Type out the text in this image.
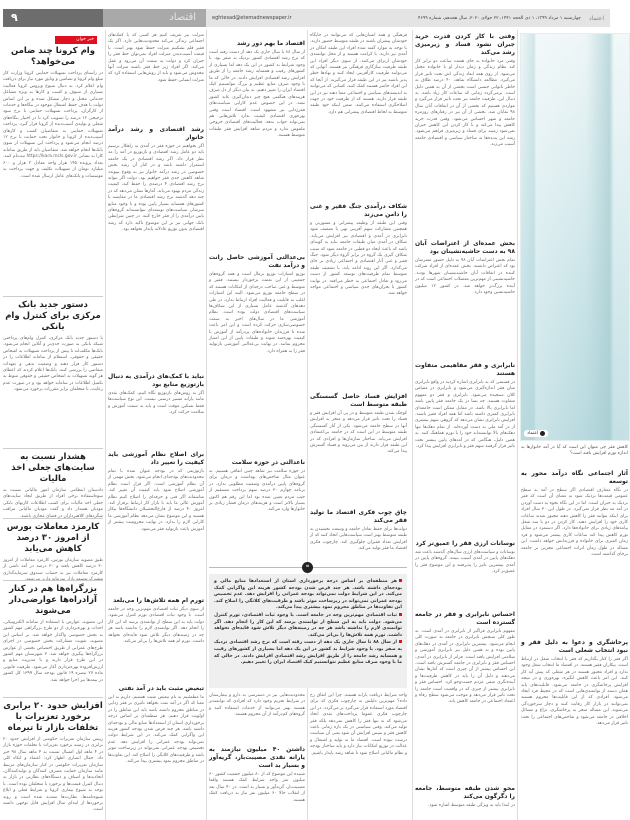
۹	اقتصاد	eghtesad@etemadnewspaper.ir	چهارشنبه ۱ مرداد ۱۳۹۹، ۱ ذی الحجه ۱۴۴۱، ۲۲ جولای ۲۰۲۰، سال هجدهم، شماره ۴۶۹۹ اعتماد
خبر خوان
وام کرونا چند ضامن می‌خواهد؟

در راستای پرداخت تسهیلات حمایتی کرونا وزارت کار مبلغ وام کرونا و تضامین و وثایق مورد نیاز برای دریافت وام اعلام کرد. به دنبال شیوع ویروس کرونا فعالیت بسیاری از صنوف و کسب و کارها به ویژه مشاغل خدماتی مختل و دچار مشکل شده و بر این اساس دولت با هدف حفظ اشتغال موجود در بنگاه‌ها و خدمات از کارگران، پرداخت تسهیلات حمایتی با نرخ سود ترجیحی ۱۲ درصد را تصویب کرد تا در اختیار بنگاه‌های شغلی و تولیدی آسیب‌دیده از کرونا قرار گیرد. پرداخت تسهیلات حمایتی به متقاضیان کسب و کارهای آسیب‌دیده از کرونا و خانوار تحت حمایت با نرخ ۱۲ درصد انجام می‌شود و پرداخت این تسهیلات از سوی بانک‌ها انجام خواهد شد. متقاضیان باید از طریق سامانه کارا به نشانی https://kara.mcls.gov.ir ثبت‌نام کنند. تعداد پرونده ۱۴۵ هزار واحد معادل ۲ هزار و ۶۰۰ میلیارد تومان از تسهیلات تکلیف و جهت پرداخت به موسسات و بانک‌های عامل ارسال شده است.

دستور جدید بانک مرکزی برای کنترل وام بانکی

با دستور جدید بانک مرکزی، کنترل وام‌های پرداختی شبکه بانکی به صورت جدی‌تر و آنلاین انجام می‌شود. بانک‌ها مکلف‌اند تا پیش از پرداخت تسهیلات به اشخاص حقیقی و حقوقی، استعلام از سامانه اطلاعات را در دستور کار قرار دهند و وضعیت بدهی و تعهدات متقاضی را بررسی کنند. بانک‌ها اعلام کردند که اعطای هر گونه تسهیلات به اشخاص حقیقی و حقوقی منوط به تکمیل اطلاعات در سامانه خواهد بود و در صورت عدم رعایت، با متخلفان برابر مقررات برخورد می‌شود.

هشدار نسبت به سایت‌های جعلی اخذ مالیات

دادستان انتظامی سازمان امور مالیاتی نسبت به سوءاستفاده برخی افراد از طریق ایجاد سایت‌های جعلی اخذ مالیات برای کسب اطلاعات کارتهای بانکی مودیان هشدار داد و گفت مودیان مالیاتی مراقب شگردهای کلاهبرداران در فضای مجازی باشند.

کارمزد معاملات بورس از امروز ۳۰ درصد کاهش می‌یابد

طبق مصوبه سازمان بورس، کارمزد معاملات از امروز ۳۰ درصد کاهش یافته و ۳۰ درصد در آمد ناشی از کارمزد معاملات نیز به حساب صندوق سرمایه‌گذاری مشترک توسعه بازار سرمایه واریز می‌شود.

بزرگراه‌ها هم در کنار آزادراه‌ها عوارضی‌دار می‌شوند

این مصوبه، عوارض با استفاده از سامانه الکترونیکی، احداث و بهره‌برداری از دو طرح بزرگراهی مهم کشور به بخش خصوصی واگذار خواهد شد. بر اساس این مصوبه، تقویت مشارکت بخش خصوصی در اجرای طرح‌های عمرانی از طریق اختصاص بخشی از عوارض بزرگراه‌ها پیگیری خواهد شد. ۳ شهرستان مهم کشور در این طرح قرار دارند و با مدیریت منابع و ارزش‌افزوده بهره‌برداری آغاز می‌شود. طرفیت قانونی ماده ۲۷ تبصره ۱۹ قانون بودجه سال ۱۳۹۹ کل کشور در بیمه‌ها نیز اجرا خواهد شد.

افزایش حدود ۲۰ برابری برخورد تعزیرات با تخلفات بازار تا تیرماه

رییس سازمان تعزیرات حکومتی از افزایش حدود ۲۰ برابری در زمینه برخورد تعزیرات با تخلفات حوزه بازار در ۴ ماهه اول امسال نسبت به ۴ ماهه سال ۹۸ خبر داد. جمال انصاری اظهار کرد: اعتماد و اتکاء کلی سازمان تعزیرات حکومتی در کنار سازمان‌های مرتبط مانند سازمان حمایت مصرف کنندگان و تولیدکنندگان، اتحادیه‌ها و اصناف و دستگاه‌های نظارتی در بازار به دنبال کنترل قیمت‌ها و برخورد با متخلفان بوده است. با توجه به شیوع بیماری کرونا و شرایط فعلی و ابلاغ شیوه‌نامه‌ها، نظارت‌ها تشدید شده است و روند برخوردها از ابتدای سال افزایش قابل توجهی داشته است.

منزلت نیز تعریف کنیم هر کسی که با کمک‌های اجتماعی زندگی می‌کند محدودیت‌هایی دارد. اگر یک فقیر قلم بشکنیم منزلت حفظ شود بهتر است. با قیمت آسیب‌دیدن منزلت افراد نمی‌توان خط فقر را جبران کرد و دولت به سمت آن می‌رود و عمل می‌کند. اگر افراد زیر خط فقر باشند منزلت آنها مخدوش می‌شود و باید از روش‌هایی استفاده کرد که منزلت انسانی حفظ شود.

رشد اقتصادی و رشد درآمد خانوار

اگر بخواهیم در حوزه فقر در آمدی به راهکار برسیم باید دو عامل رشد اقتصادی و بازتوزیع در آمد را مد نظر قرار داد. اگر رشد اقتصادی در یک جامعه استمرار داشته باشد و در کنار آن رشد بخش خصوصی در رشد درآمد خانوار نیز به وقوع بپیوندد شاهد کاهش جدی فقر خواهیم بود. دولت اگر بتواند نرخ رشد اقتصادی ۴ درصدی را حفظ کند، کیفیت زندگی مردم بهبود می‌یابد. آمارها نشان می‌دهد که در چند دهه گذشته نرخ رشد اقتصادی ما در مقایسه با کشورهای همسایه بسیار پایین بوده و با وجود منابع سرشار، سیاست‌های توسعه‌ای نتوانسته‌اند گروه‌های پایین درآمدی را از فقر خارج کنند. در چنین شرایطی بانک جهانی نیز بر این موضوع تاکید دارد که رشد اقتصادی بدون توزیع عادلانه پایدار نخواهد بود.

نباید با کمک‌های درآمدی به دنبال بازتوزیع منابع بود

اگر به روش‌های بازتوزیع نگاه کنیم، کمک‌های نقدی مانند یارانه مسیر درستی نیست. این نوع سیاست‌ها فقط تسکین موقت است و باید به سمت آموزش و سلامت حرکت کرد.

برای اصلاح نظام آموزشی باید کیفیت را تغییر داد

بازتوزیعی که در بودجه عنوان شده با تمام محدودیت‌های بودجه‌ای انجام می‌شود. بخش مهمی از آن نظام آموزشی است. اگر قرار است نظام آموزشی اصلاح شود باید کیفیت آن تغییر کند. متاسفانه اگر فنی و حرفه‌ای را اصلاح کنیم نظام آموزش عالی ما باید با بازار کار ارتباط برقرار کند. امروز ۴۰ درصد از فارغ‌التحصیلان دانشگاه‌ها بیکار هستند و این موضوع نشان می‌دهد نظام آموزشی ما کارایی لازم را ندارد. در نهایت محرومیت بیشتر از آموزش باعث بازتولید فقر می‌شود.

تورم ام همه تلاش‌ها را می‌بلعد

از سوی دیگر ثبات اقتصادی مهم‌ترین وجه در جامعه است. با وجود ثبات اقتصادی تورم کنترل می‌شود. دولت باید به این سطح از توانمندی برسد که این کار را انجام دهد. اگر توانمندی لازم را نداشته باشد هر چه در زمینه‌های دیگر تلاش شود فایده‌ای نخواهد داشت. تورم ام همه تلاش‌ها را بی‌اثر می‌کند.

تبعیض مثبت باید در آمد نفتی

ما مطمئنیم به نام تبعیض مثبت هستیم. داریم به این معنا که اگر در آمد نفت بخواهد تاثیری بر فقر زدایی در مناطق محروم داشته باشد باید این مناطق را در اولویت قرار دهیم. هر منطقه‌ای بر اساس درجه برخورداری استان از استعدادها منابع مالی و بودجه‌ای داشته باشد. هر چند فرض شدن بودجه کشور هزینه این واگرایی کمک می‌کند. در این شرایط دولت نمی‌تواند بودجه عمرانی را افزایش دهد. عدم تخصیص بودجه عمرانی نمی‌تواند در زیرساخت موثر باشد و ظرفیت‌های کلانگی را اصلاح کند. این تفاوت‌ها در مناطق محروم نمود بیشتری پیدا می‌کند.

اقتصاد ما بهم دور رشد

از سال ۸۸ تا سال جاری یک دهه از دست رفته است که نرخ رشد اقتصادی کشور نزدیک به صفر بود. با وجود شرایط بد کشور در این یک دهه اما بسیاری از کشورهای رقیب و همسایه رشد جامعه را از طریق افزایش رشد اقتصادی افزایش دادند. در حالی که ما با وجود صرف منابع عظیم و بزرگ نتوانستیم کیک اقتصاد ایران را تغییر دهیم. به بیان دیگر از دل صرف هزینه‌های هنگفتی هیچ چیز دندان‌گیری عاید کشور نشد. در این خصوص عدم کارایی سیاست‌های فقرزدایی نیز مشهود است. اقتصاد است وقتی بهره‌وری اقتصادی کیفیت ندارد تلاش‌هایی هم نمی‌تواند جواب بدهد. فعالیت‌های اقتصادی خروجی ملموس ندارد و مردم شاهد افزایش فقر طبقات متوسط هستند.

بی‌عدالتی آموزشی حاصل رانت و درآمد نفت

توزیع امتیازات توزیع نرمال است و همه گروه‌های جمعیتی از این نعمت برخوردار نیستند. فقیر و متوسط و غنی صاحب درجه‌ای از امکانات هستند که در سطح جامعه توزیع می‌شود. البته این امتیازات اغلب به قابلیت و فعالیت افراد ارتباط ندارد. در طی دهه‌های گذشته عامل بسیاری از این شکاف‌ها سیاست‌های اقتصادی دولت بوده است. نظام آموزشی ما در سال‌های اخیر به سمت خصوصی‌سازی حرکت کرده است و این امر باعث شده تا فرزندان خانواده‌های پردرآمد از آموزش با کیفیت بهره‌مند شوند و طبقات پایین از این امتیاز محروم بمانند. در نهایت بی‌عدالتی آموزشی بازتولید فقر را به همراه دارد.

ناعدالتی در حوزه سلامت

در حوزه سلامت نیز شاهد چنین اتفاقی هستیم. به عنوان مثال شاخص‌های بهداشت و درمان برای گروه‌های پایین درآمدی وضعیت مطلوبی ندارد. در برنامه چهارم ۳۰ درصد سهم پرداخت مستقیم از جیب مردم تعیین شده بود اما این رقم هم اکنون بسیار بالاتر است و هزینه‌های درمان فشار زیادی بر خانوارها وارد می‌کند.

محدودیت‌هایی نیز در دسترسی به دارو و بیمارستان در شرایط تحریم وجود دارد که افرادی که توانمندتر هستند بهتر می‌توانند از خدمات استفاده کنند و گروه‌های کم‌درآمد از آن محروم هستند.

داشتن ۴۰ میلیون نیازمند به یارانه نقدی مصیبت‌بار، گریه‌آور و بسیار بد است

شنیده این موضوع که از ۸۰ میلیون جمعیت کشور ۶۰ میلیون نفر واجد شرایط کمک هستند واقعا مصیبت‌بار، گریه‌آور و بسیار بد است. در ۴۰ سال بعد از انقلاب حالا ۶۰ میلیون نفر نیاز به دریافت کمک هستند.

فرهنگی و همه انسان‌هایی که می‌توانند در جایگاه خودشان پیشران باشند در طبقه متوسط حضور دارند. با توجه به موارد گفته شده افراد این طبقه امکان در آمدی نیز دارند. با کرامت هستند و از محل توانمندی خودشان ارتزاق می‌کنند. از سوی دیگر افراد این طبقه ظرفیت سازگاری فرهنگی نیز هستند. آنهایی که می‌توانند ظرفیت کارآفرینی ایجاد کنند و نهادها خطر پذیر باشند نیز در این طبقه قرار می‌گیرند. از آنجا که این افراد حاضر هستند کمک کنند، کسانی که می‌توانند به اندیشه‌های سیاسی و اجتماعی معنا دهند نیز در این طبقه قرار دارند. هستند که از ظرفیت خود در جهت اصلاحگری استفاده می‌کنند. ضمن اینکه خود طبقه متوسط به لحاظ اقتصادی پیشرانی هم دارد.

شکاف درآمدی جنگ فقیر و غنی را دامن می‌زند

وقتی این طبقه از وظیفه پیشرانی و مشورتی و همچنین مشارکت سهم آفرینی تهی یا تضعیف شود نابرابری در آمدی و اقتصادی نیز افزایش می‌یابد. شکاف در آمدی میان طبقات جامعه نباید به گونه‌ای باشد که باعث ایجاد دو قطبی در جامعه شود که سبب شکاف گیری یک گروه در برابر گروه دیگر شود. جنگ فقیر و غنی آثار اقتصادی و اجتماعی زیادی بر جای می‌گذارد. اگر این روند ادامه یابد، با تضعیف طبقه متوسط تمام ظرفیت‌های توسعه کشور از دست می‌رود و تعادل اجتماعی به خطر می‌افتد. در نهایت کشور با بحران‌های جدی سیاسی و اجتماعی مواجه خواهد شد.

افزایش فساد حاصل گسستگی طبقه متوسط است

کوچک شدن طبقه متوسط و در پی آن افزایش فقر و فساد را تحت تاثیر قرار می‌دهد و منجر به افزایش آنها در سطح جامعه می‌شود. یکی از آثار گسستگی طبقه متوسط در این است که در جامعه بی‌اعتمادی افزایش می‌یابد. ساختار سازمان‌ها و افرادی که در این طبقه قرار دارند از بین می‌روند و فساد گسترش پیدا می‌کند.

چاق چوب فکری اقتصاد ما تولید فقر می‌کند

دولت‌ها برای حفظ تعادل جامعه و وسعت بخشیدن به طبقه متوسط بهتر است سیاست‌هایی اتخاذ کنند که از افزایش تعداد فقیران جلوگیری کند. چارچوب فکری اقتصاد ما فقر تولید می‌کند.

واحد شرایط دریافت یارانه هستند. چرا این اتفاق رخ داده؟ مهم‌ترین دلیلش به چارچوب فکری که برای اقتصاد مورد استفاده قرار می‌گیرد بر می‌گردد. در این چارچوب فکری عموما پرداخت‌های نقدی اتخاذ می‌شود که نه تنها فقر را کاهش نمی‌دهد بلکه فقر تولید می‌کند. وقتی سیاستی در یک بازه زمانی باعث کاهش فقر و سپس افزایش آن شود یعنی آن سیاست درست نبوده است. اقتصاد ما به تولید و اشتغال و عدالت در توزیع امکانات نیاز دارد و باید ساختار بودجه و نظام مالیاتی اصلاح شود تا شاهد رشد پایدار باشیم.

❝

هر منطقه‌ای بر اساس درجه برخورداری استان از استعدادها منابع مالی و بودجه‌ای داشته باشد. هر چند فرض شدن بودجه کشور هزینه این واگرایی کمک می‌کند. در این شرایط دولت نمی‌تواند بودجه عمرانی را افزایش دهد. عدم تخصیص بودجه عمرانی نمی‌تواند در زیرساخت موثر باشد و ظرفیت‌های کلانگی را اصلاح کند. این تفاوت‌ها در مناطق محروم نمود بیشتری پیدا می‌کند.

ثبات اقتصادی مهم‌ترین وجه در جامعه است. با وجود ثبات اقتصادی، تورم کنترل می‌شود. دولت باید به این سطح از توانمندی برسد که این کار را انجام دهد. اگر توانمندی لازم را نداشته باشد هر چه در زمینه‌های دیگر تلاش شود فایده‌ای نخواهد داشت. تورم همه تلاش‌ها را بی‌اثر می‌کند.

از سال ۸۸ تا سال جاری یک دهه از دست رفته است که نرخ رشد اقتصادی نزدیک به صفر بود. با وجود شرایط بد کشور در این یک دهه اما بسیاری از کشورهای رقیب و همسایه رشد جامعه را از طریق افزایش رشد اقتصادی افزایش دادند. در حالی که ما با وجود صرف منابع عظیم نتوانستیم کیک اقتصاد ایران را تغییر دهیم.

وقتی با کار کردن قدرت خرید جبران نشود فساد و زیرمیزی رشد می‌کند

وقتی مرد خانواده به جای هشت ساعت دو برابر کار کند نظام زندگی و زمان دیدار او با خانواده مختل می‌شود. از روی همه ابعاد زندگی اش تحت تاثیر قرار می‌گیرد. مطالعه دانشگاه شاهد، ۴۰ درصد طلاق به خاطر ناتوانی جنسی است بخشی از آن به همین دلیل است. برمی‌گردد زمانی که ساعات کار زیاد باشد. به دنبال این، ظرفیت جامعه نیز تحت تاثیر قرار می‌گیرد و مواردی هستیم که بخشی از آن در اتفاقات آبان سال ۹۸ نمایان شد. بخشی از آن نیز در رفتارهای روزمره جامعه و شهر احساس می‌شود. وقتی قدرت خرید کاهش پیدا می‌کند و با کار کردن این کاهش جبران نمی‌شود زمینه برای فساد و زیرمیزی فراهم می‌شود. رشد این پدیده‌ها به ساختار سیاسی و اقتصادی جامعه آسیب می‌زند.

بخش عمده‌ای از اعتراضات آبان ۹۸ به دست حاشیه‌نشینان بود

تمام بخش اعتراضات آبان ۹۸ به دلیل حضور معترضان بود که اعتراض داشتند. بخش عمده‌ای از افراد شرکت کننده در اتفاقات آبان حاشیه‌نشینان شهرها بودند. حاشیه‌نشینی از مهم‌ترین معضلات اجتماعی است که در آینده بزرگ‌تر خواهد شد. در کشور ۱۲ میلیون حاشیه‌نشین وجود دارد.

نابرابری و فقر مفاهیمی متفاوت هستند

در قسمتی که به نابرابری اشاره کردید در واقع نابرابری میان فقر اندازه‌گیری می‌شود و نابرابری در مقیاس کلان سنجیده می‌شود. نابرابری و فقر دو مفهوم متفاوت هستند. چه بسا در یک جامعه فقر پایین باشد اما نابرابری بالا باشد. در مقابل ممکن است جامعه‌ای نابرابری کمتری داشته باشد اما همه افراد فقیر باشند. افزایش نابرابری نشان می‌دهد که گروهی سهم بیشتری از در آمد ملی به دست آورده‌اند. از تمام دهک‌ها تنها دهک‌های بالا توانسته‌اند خود را با تورم هماهنگ کنند. به همین دلیل، هنگامی که در آمدهای پایین بیشتر تحت تاثیر قرار گرفتند سهم فقر و نابرابری افزایش پیدا کرد.

نوسانات ارزی فقر را عمیق‌تر کرد

نوسانات و سیاست‌های ارزی سال‌های گذشته باعث شد دهک‌های پایین در آمدی آسیب ببینند. گروه‌های پایین در آمدی بیشترین تاثیر را پذیرفتند و این موضوع فقر را عمیق‌تر کرد.

احساس نابرابری و فقر در جامعه گسترده است

مفهوم نابرابری فراگیر از نابرابری در آمدی است. به طور کلی سنجش نابرابری در جامعه به صورت کلی انجام می‌شود. بیشترین نابرابری در آمدی در دهک‌های پایین بوده و به همین دلیل نیز نابرابری آموزشی و سلامتی افزایش یافته است. فراتر از نابرابری در آمدی، احساس فقر و نابرابری در جامعه گسترش یافته است. این احساس بیشتر از آن چیزی است که آمارها نشان می‌دهند و دلیل آن را باید در کاهش ظرفیت‌ها و آینده‌نگری منفی مردم جست‌وجو کرد. احساس فقر و نابرابری بیشتر از چیزی که در واقعیت است جامعه را تحت تاثیر قرار می‌دهد و موجب می‌شود سطح رفاه و اعتماد اجتماعی در جامعه کاهش یابد.

محو شدن طبقه متوسط، جامعه را دگرگون می‌کند

در ابتدا باید به ویژگی طبقه متوسط اشاره شود.

اعتماد

کاهش فقر چی متوان این است که آیا در آمد خانوارها به اندازه تورم افزایش یافته است؟

آثار اجتماعی نگاه درآمد محور به توسعه

در نگاه متعارف اقتصادی اگر سطح در آمد به سطح عمومی قیمت‌ها نزدیک شود به معنای آن است که فقر نزدیک به جبران است. اما در این نگاه نحوه به دست آوردن در آمد مد نظر قرار نمی‌گیرد. در طول این ۳۰ سال افراد برای اینکه بتوانند فقر را کاهش دهند مجبور شدند ساعات کاری خود را افزایش دهند. کار کردن در دو یا سه شغل پیامدهای زیادی برای خانواده‌ها دارد. اگر دستمزد در مقابل تورم کاهش پیدا کند ساعات کاری بیشتر می‌شود و فرد زمان کمتری برای خانواده و فرزندانش خواهد داشت. این مساله در طول زمان اثرات اجتماعی مخربی بر جامعه برجای گذاشته است.

پرخاشگری و دعوا به دلیل فقر و نبود انتخاب شغلی است

اگر فقر را کنار بگذاریم که فقر با انتخاب شغل در ارتباط است، بیکاران فقیر هستند. در اقتصاد ما انتخاب شغل وجود ندارد و افراد مجبور هستند در هر شغلی که پیش آید کار کنند. این امر باعث کاهش انگیزه، بهره‌وری و در نتیجه افزایش پرخاشگری در جامعه می‌شود. قابلیت‌های پایه همان دسته از توانمندی‌هایی است که در محیط فرد ایجاد می‌شود. افرادی که از این قابلیت‌ها محروم هستند نمی‌توانند در بازار کار رقابت کنند و دچار سرخوردگی می‌شوند. این مساله منجر به پرخاشگری، نزاع و مسائل اخلاقی در جامعه می‌شود و شاخص‌های اجتماعی را تحت تاثیر قرار می‌دهد.
